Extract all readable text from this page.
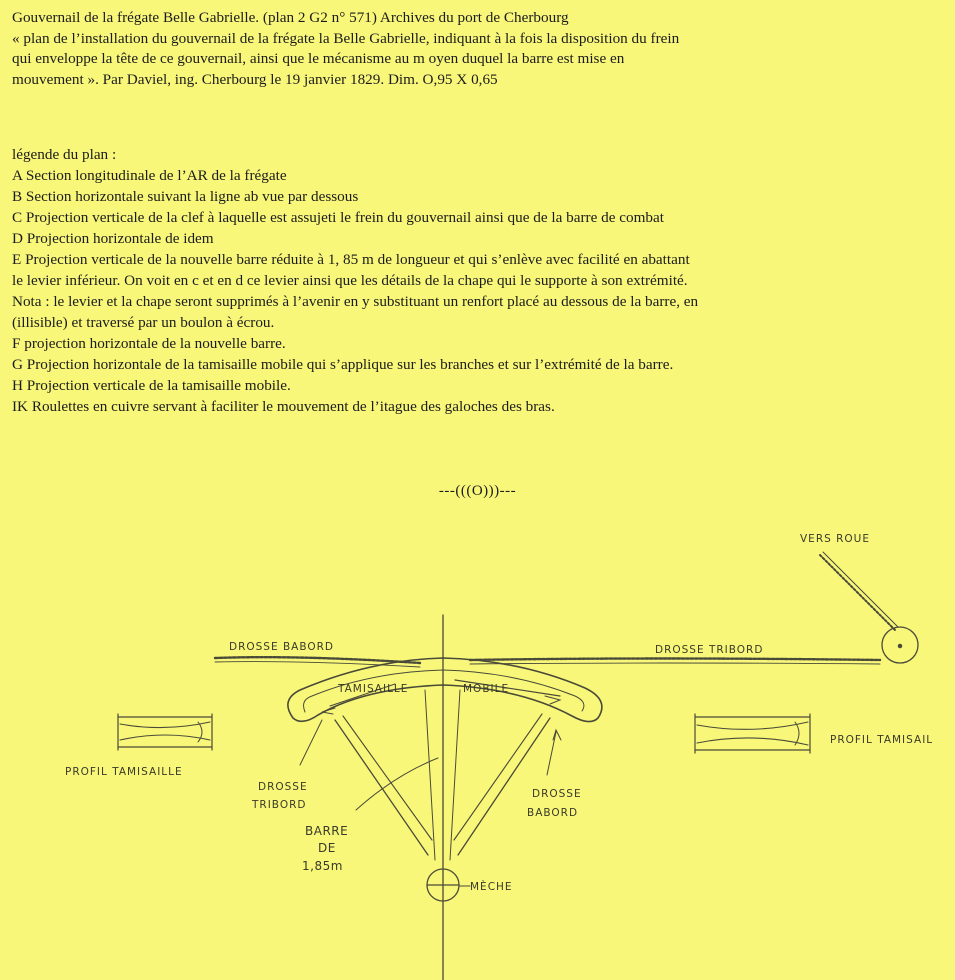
Gouvernail de la frégate Belle Gabrielle. (plan 2 G2 n° 571) Archives du port de Cherbourg

« plan de l’installation du gouvernail de la frégate la Belle Gabrielle, indiquant à la fois la disposition du frein

qui enveloppe la tête de ce gouvernail, ainsi que le mécanisme au m oyen duquel la barre est mise en

mouvement ». Par Daviel, ing. Cherbourg le 19 janvier 1829. Dim. O,95 X 0,65

légende du plan :

A Section longitudinale de l’AR de la frégate

B Section horizontale suivant la ligne ab vue par dessous

C Projection verticale de la clef à laquelle est assujeti le frein du gouvernail ainsi que de la barre de combat

D Projection horizontale de idem

E Projection verticale de la nouvelle barre réduite à 1, 85 m de longueur et qui s’enlève avec facilité en abattant

le levier inférieur. On voit en c et en d ce levier ainsi que les détails de la chape qui le supporte à son extrémité.

Nota : le levier et la chape seront supprimés à l’avenir en y substituant un renfort placé au dessous de la barre, en

(illisible) et traversé par un boulon à écrou.

F projection horizontale de la nouvelle barre.

G Projection horizontale de la tamisaille mobile qui s’applique sur les branches et sur l’extrémité de la barre.

H Projection verticale de la tamisaille mobile.

IK Roulettes en cuivre servant à faciliter le mouvement de l’itague des galoches des bras.

---(((O)))---
VERS ROUE
DROSSE BABORD	DROSSE TRIBORD
TAMISAILLE	MOBILE
PROFIL TAMISAILLE
PROFIL TAMISAIL
DROSSE
TRIBORD
DROSSE
BABORD
BARRE
DE
1,85m
MÈCHE
